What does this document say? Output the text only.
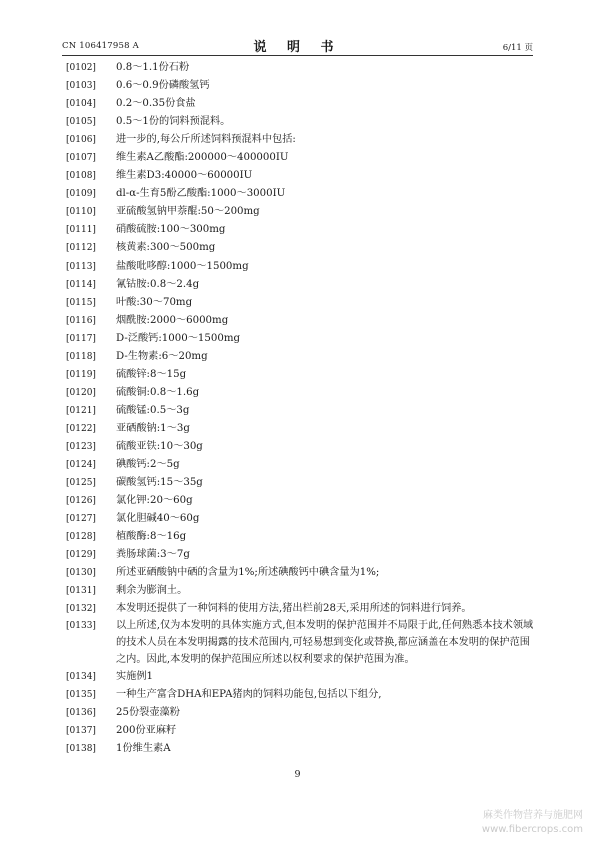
CN 106417958 A	说 明 书	6/11 页
[0102]	0.8～1.1份石粉
[0103]	0.6～0.9份磷酸氢钙
[0104]	0.2～0.35份食盐
[0105]	0.5～1份的饲料预混料。
[0106]	进一步的,每公斤所述饲料预混料中包括:
[0107]	维生素A乙酸酯:200000～400000IU
[0108]	维生素D3:40000～60000IU
[0109]	dl-α-生育5酚乙酸酯:1000～3000IU
[0110]	亚硫酸氢钠甲萘醌:50～200mg
[0111]	硝酸硫胺:100～300mg
[0112]	核黄素:300～500mg
[0113]	盐酸吡哆醇:1000～1500mg
[0114]	氰钴胺:0.8～2.4g
[0115]	叶酸:30～70mg
[0116]	烟酰胺:2000～6000mg
[0117]	D-泛酸钙:1000～1500mg
[0118]	D-生物素:6～20mg
[0119]	硫酸锌:8～15g
[0120]	硫酸铜:0.8～1.6g
[0121]	硫酸锰:0.5～3g
[0122]	亚硒酸钠:1～3g
[0123]	硫酸亚铁:10～30g
[0124]	碘酸钙:2～5g
[0125]	碳酸氢钙:15～35g
[0126]	氯化钾:20～60g
[0127]	氯化胆碱40～60g
[0128]	植酸酶:8～16g
[0129]	粪肠球菌:3～7g
[0130]	所述亚硒酸钠中硒的含量为1%;所述碘酸钙中碘含量为1%;
[0131]	剩余为膨润土。
[0132]	本发明还提供了一种饲料的使用方法,猪出栏前28天,采用所述的饲料进行饲养。
[0133]	以上所述,仅为本发明的具体实施方式,但本发明的保护范围并不局限于此,任何熟悉本技术领域的技术人员在本发明揭露的技术范围内,可轻易想到变化或替换,都应涵盖在本发明的保护范围之内。因此,本发明的保护范围应所述以权利要求的保护范围为准。
[0134]	实施例1
[0135]	一种生产富含DHA和EPA猪肉的饲料功能包,包括以下组分,
[0136]	25份裂壶藻粉
[0137]	200份亚麻籽
[0138]	1份维生素A
9
麻类作物营养与施肥网
www.fibercrops.com
